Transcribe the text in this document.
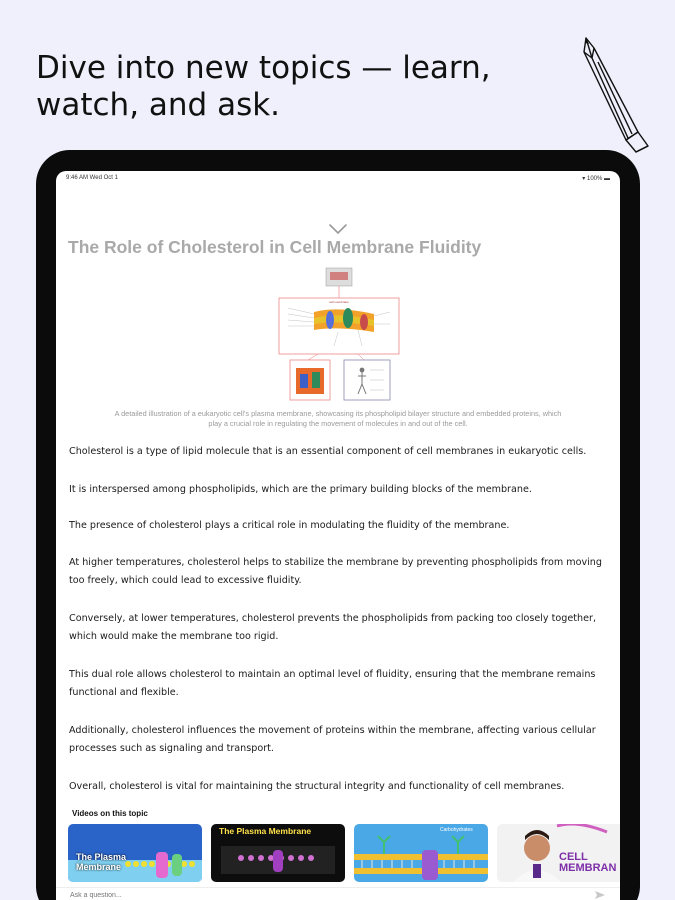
Dive into new topics — learn,
watch, and ask.
9:46 AM Wed Oct 1	▾ 100% ▬
The Role of Cholesterol in Cell Membrane Fluidity
cell membrane
A detailed illustration of a eukaryotic cell's plasma membrane, showcasing its phospholipid bilayer structure and embedded proteins, which
play a crucial role in regulating the movement of molecules in and out of the cell.
Cholesterol is a type of lipid molecule that is an essential component of cell membranes in eukaryotic cells.
It is interspersed among phospholipids, which are the primary building blocks of the membrane.
The presence of cholesterol plays a critical role in modulating the fluidity of the membrane.
At higher temperatures, cholesterol helps to stabilize the membrane by preventing phospholipids from moving too freely, which could lead to excessive fluidity.
Conversely, at lower temperatures, cholesterol prevents the phospholipids from packing too closely together, which would make the membrane too rigid.
This dual role allows cholesterol to maintain an optimal level of fluidity, ensuring that the membrane remains functional and flexible.
Additionally, cholesterol influences the movement of proteins within the membrane, affecting various cellular processes such as signaling and transport.
Overall, cholesterol is vital for maintaining the structural integrity and functionality of cell membranes.
Videos on this topic
The Plasma
Membrane
The Plasma Membrane	Carbohydrates
CELL
MEMBRAN
Ask a question...
